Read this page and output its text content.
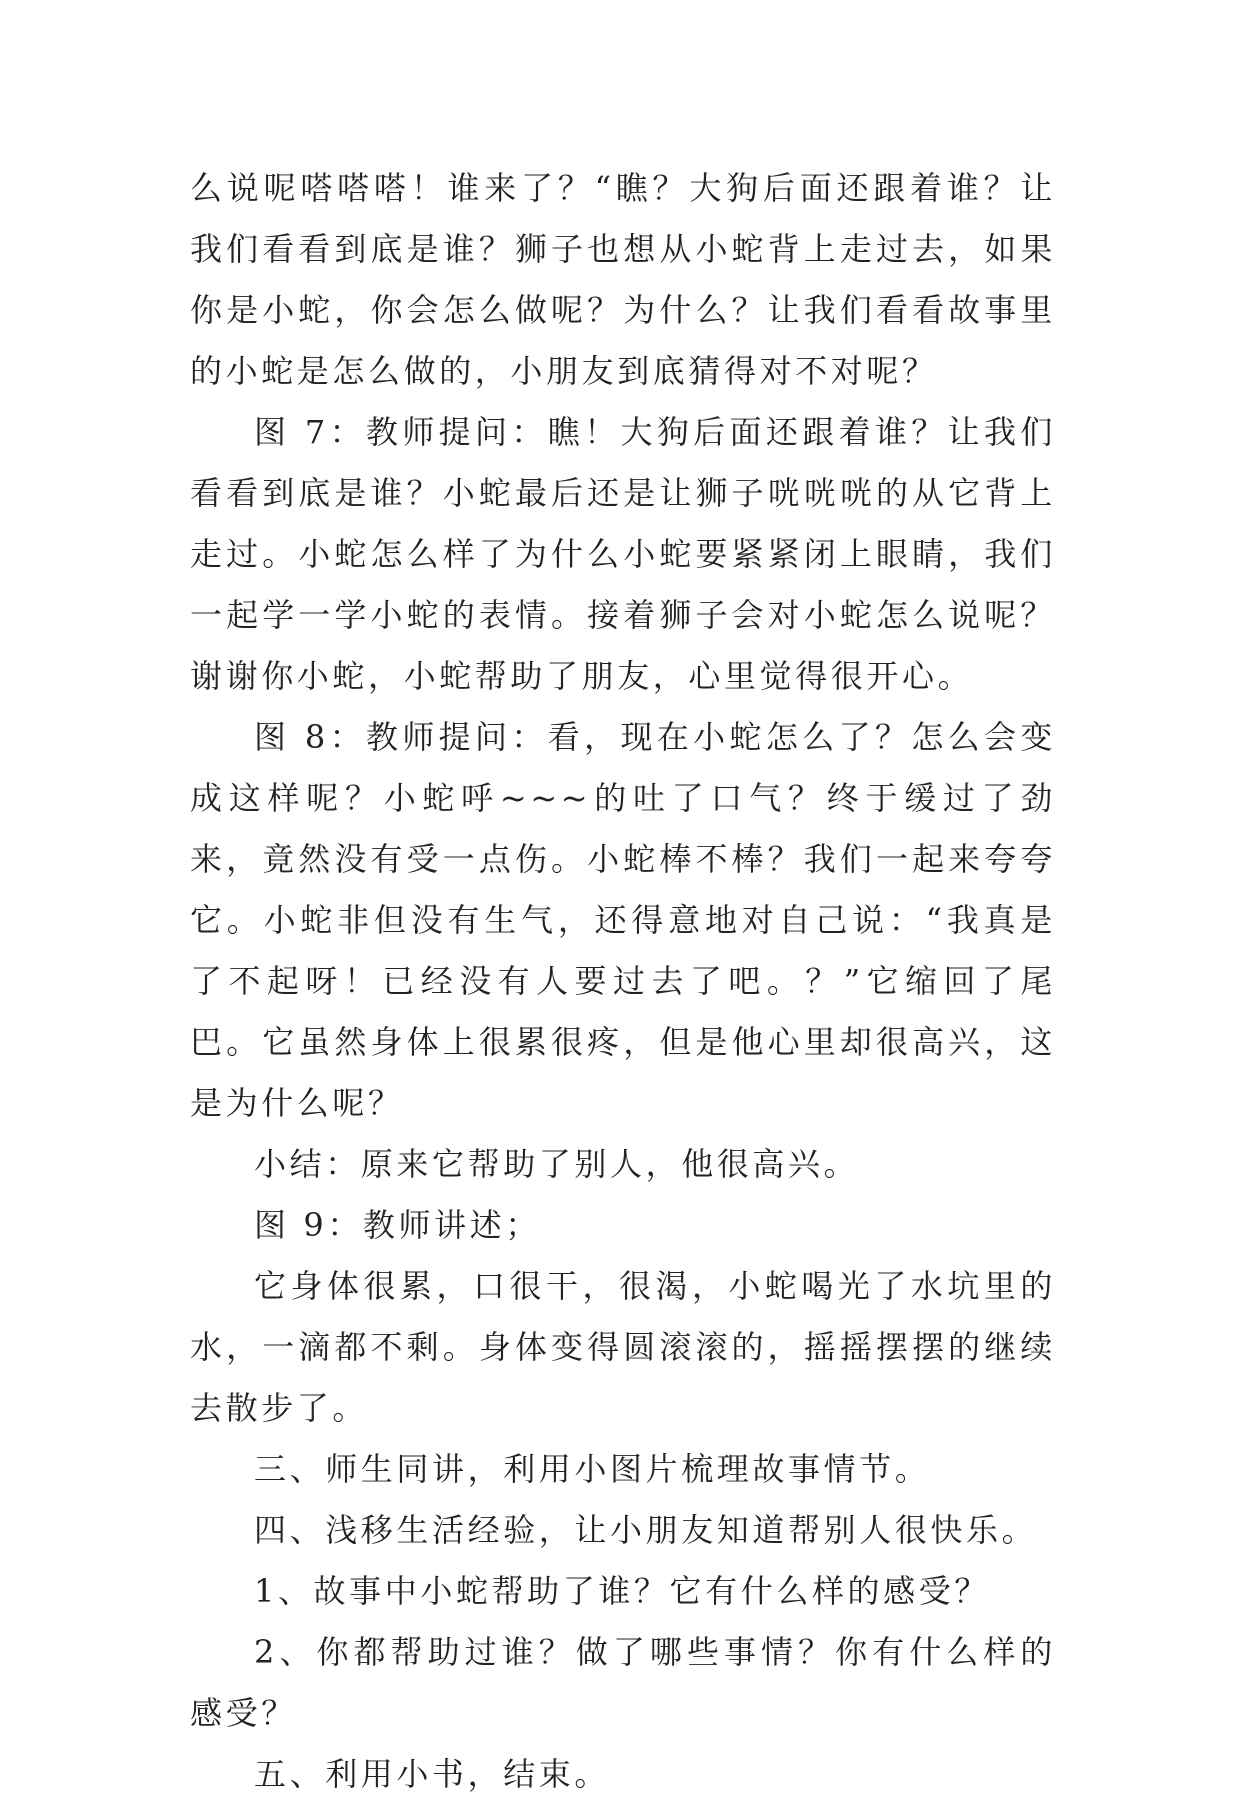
么说呢嗒嗒嗒！谁来了？“瞧？大狗后面还跟着谁？让我们看看到底是谁？狮子也想从小蛇背上走过去，如果你是小蛇，你会怎么做呢？为什么？让我们看看故事里的小蛇是怎么做的，小朋友到底猜得对不对呢？

图 7：教师提问：瞧！大狗后面还跟着谁？让我们看看到底是谁？小蛇最后还是让狮子咣咣咣的从它背上走过。小蛇怎么样了为什么小蛇要紧紧闭上眼睛，我们一起学一学小蛇的表情。接着狮子会对小蛇怎么说呢？谢谢你小蛇，小蛇帮助了朋友，心里觉得很开心。

图 8：教师提问：看，现在小蛇怎么了？怎么会变成这样呢？小蛇呼~~~的吐了口气？终于缓过了劲来，竟然没有受一点伤。小蛇棒不棒？我们一起来夸夸它。小蛇非但没有生气，还得意地对自己说：“我真是了不起呀！已经没有人要过去了吧。？”它缩回了尾巴。它虽然身体上很累很疼，但是他心里却很高兴，这是为什么呢？

小结：原来它帮助了别人，他很高兴。

图 9：教师讲述；

它身体很累，口很干，很渴，小蛇喝光了水坑里的水，一滴都不剩。身体变得圆滚滚的，摇摇摆摆的继续去散步了。

三、师生同讲，利用小图片梳理故事情节。

四、浅移生活经验，让小朋友知道帮别人很快乐。

1、故事中小蛇帮助了谁？它有什么样的感受？

2、你都帮助过谁？做了哪些事情？你有什么样的感受？

五、利用小书，结束。
